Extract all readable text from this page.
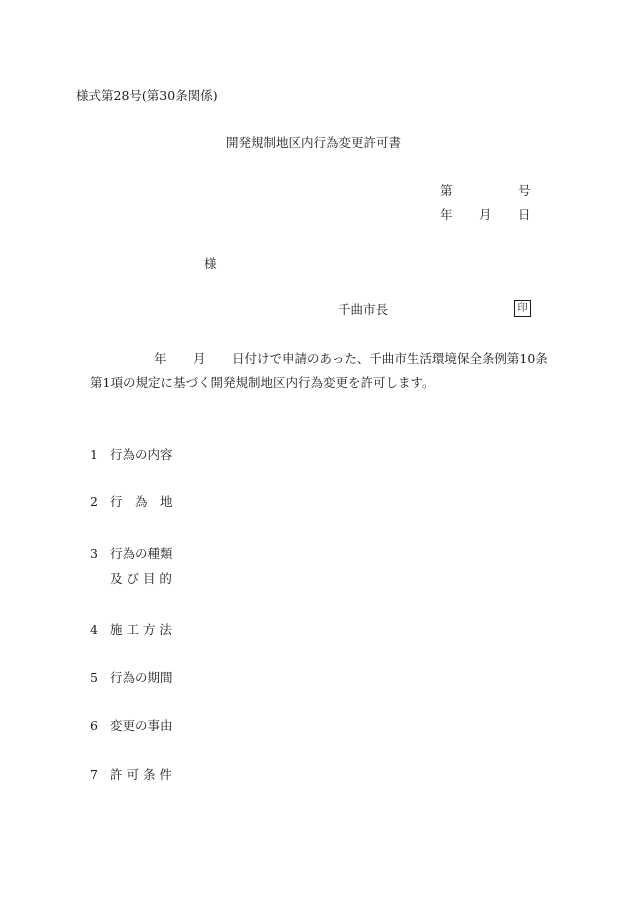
様式第28号(第30条関係)
開発規制地区内行為変更許可書
第	号
年 月 日
様
千曲市長	印
年 月 日付けで申請のあった、千曲市生活環境保全条例第10条
第1項の規定に基づく開発規制地区内行為変更を許可します。
1 行為の内容
2 行　為　地
3 行為の種類
及 び 目 的
4 施 工 方 法
5 行為の期間
6 変更の事由
7 許 可 条 件
